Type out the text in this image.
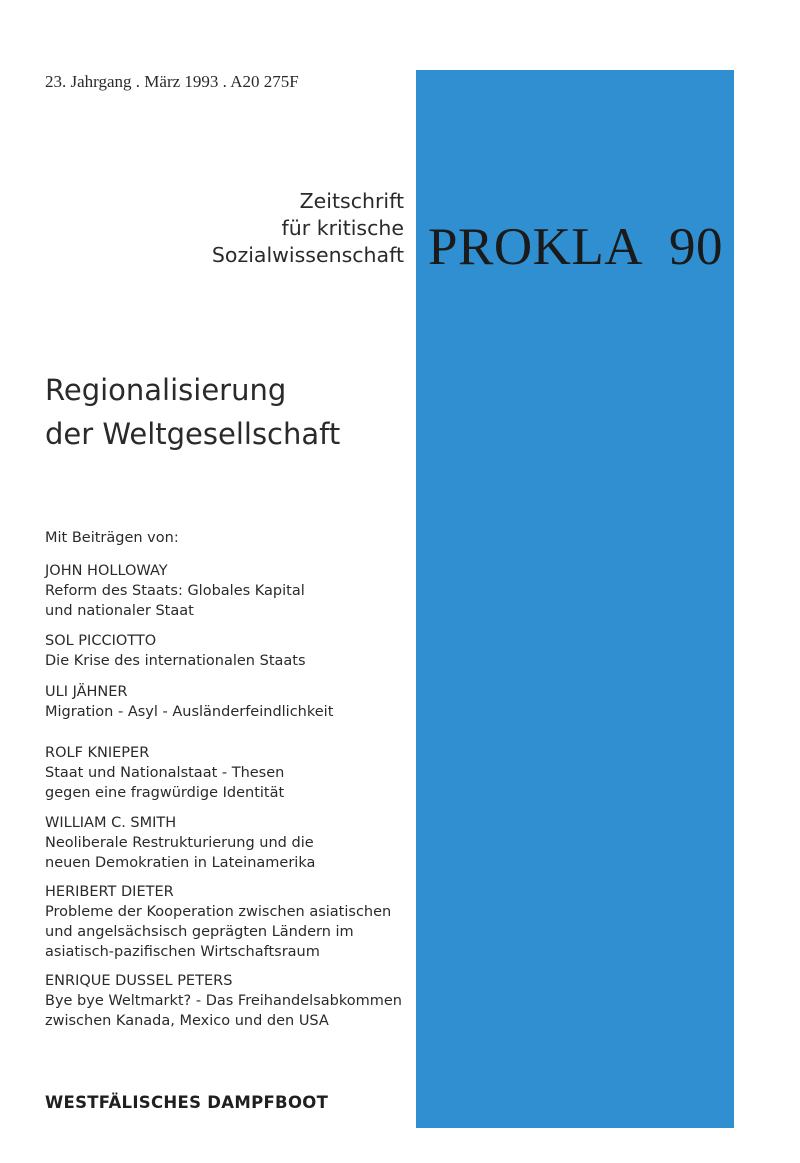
23. Jahrgang . März 1993 . A20 275F
Zeitschrift
für kritische
Sozialwissenschaft PROKLA 90
Regionalisierung
der Weltgesellschaft
Mit Beiträgen von:
JOHN HOLLOWAY
Reform des Staats: Globales Kapital
und nationaler Staat
SOL PICCIOTTO
Die Krise des internationalen Staats
ULI JÄHNER
Migration - Asyl - Ausländerfeindlichkeit
ROLF KNIEPER
Staat und Nationalstaat - Thesen
gegen eine fragwürdige Identität
WILLIAM C. SMITH
Neoliberale Restrukturierung und die
neuen Demokratien in Lateinamerika
HERIBERT DIETER
Probleme der Kooperation zwischen asiatischen
und angelsächsisch geprägten Ländern im
asiatisch-pazifischen Wirtschaftsraum
ENRIQUE DUSSEL PETERS
Bye bye Weltmarkt? - Das Freihandelsabkommen
zwischen Kanada, Mexico und den USA
WESTFÄLISCHES DAMPFBOOT
